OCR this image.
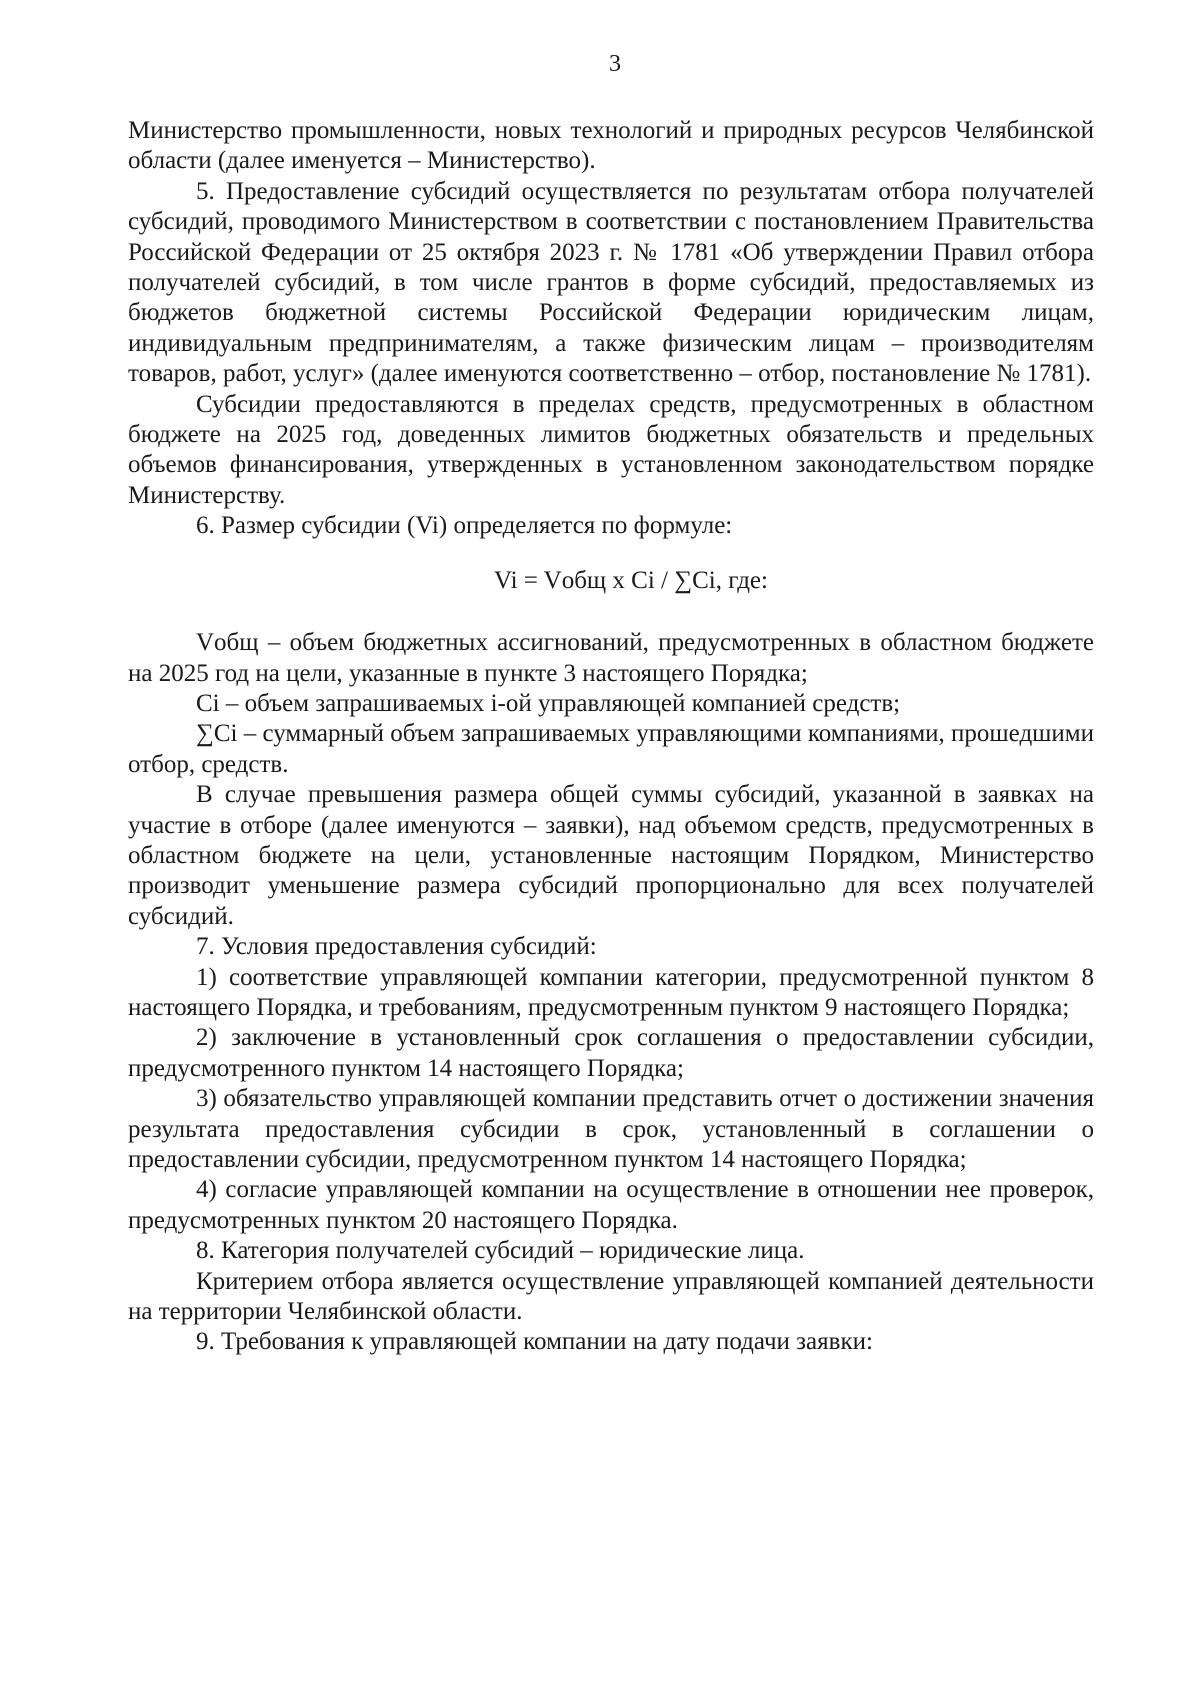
3

Министерство промышленности, новых технологий и природных ресурсов Челябинской области (далее именуется – Министерство).

5. Предоставление субсидий осуществляется по результатам отбора получателей субсидий, проводимого Министерством в соответствии с постановлением Правительства Российской Федерации от 25 октября 2023 г. № 1781 «Об утверждении Правил отбора получателей субсидий, в том числе грантов в форме субсидий, предоставляемых из бюджетов бюджетной системы Российской Федерации юридическим лицам, индивидуальным предпринимателям, а также физическим лицам – производителям товаров, работ, услуг» (далее именуются соответственно – отбор, постановление № 1781).

Субсидии предоставляются в пределах средств, предусмотренных в областном бюджете на 2025 год, доведенных лимитов бюджетных обязательств и предельных объемов финансирования, утвержденных в установленном законодательством порядке Министерству.

6. Размер субсидии (Vi) определяется по формуле:

Vi = Vобщ х Ci / ∑Ci, где:

Vобщ – объем бюджетных ассигнований, предусмотренных в областном бюджете на 2025 год на цели, указанные в пункте 3 настоящего Порядка;

Ci – объем запрашиваемых i-ой управляющей компанией средств;

∑Ci – суммарный объем запрашиваемых управляющими компаниями, прошедшими отбор, средств.

В случае превышения размера общей суммы субсидий, указанной в заявках на участие в отборе (далее именуются – заявки), над объемом средств, предусмотренных в областном бюджете на цели, установленные настоящим Порядком, Министерство производит уменьшение размера субсидий пропорционально для всех получателей субсидий.

7. Условия предоставления субсидий:

1) соответствие управляющей компании категории, предусмотренной пунктом 8 настоящего Порядка, и требованиям, предусмотренным пунктом 9 настоящего Порядка;

2) заключение в установленный срок соглашения о предоставлении субсидии, предусмотренного пунктом 14 настоящего Порядка;

3) обязательство управляющей компании представить отчет о достижении значения результата предоставления субсидии в срок, установленный в соглашении о предоставлении субсидии, предусмотренном пунктом 14 настоящего Порядка;

4) согласие управляющей компании на осуществление в отношении нее проверок, предусмотренных пунктом 20 настоящего Порядка.

8. Категория получателей субсидий – юридические лица.

Критерием отбора является осуществление управляющей компанией деятельности на территории Челябинской области.

9. Требования к управляющей компании на дату подачи заявки:
